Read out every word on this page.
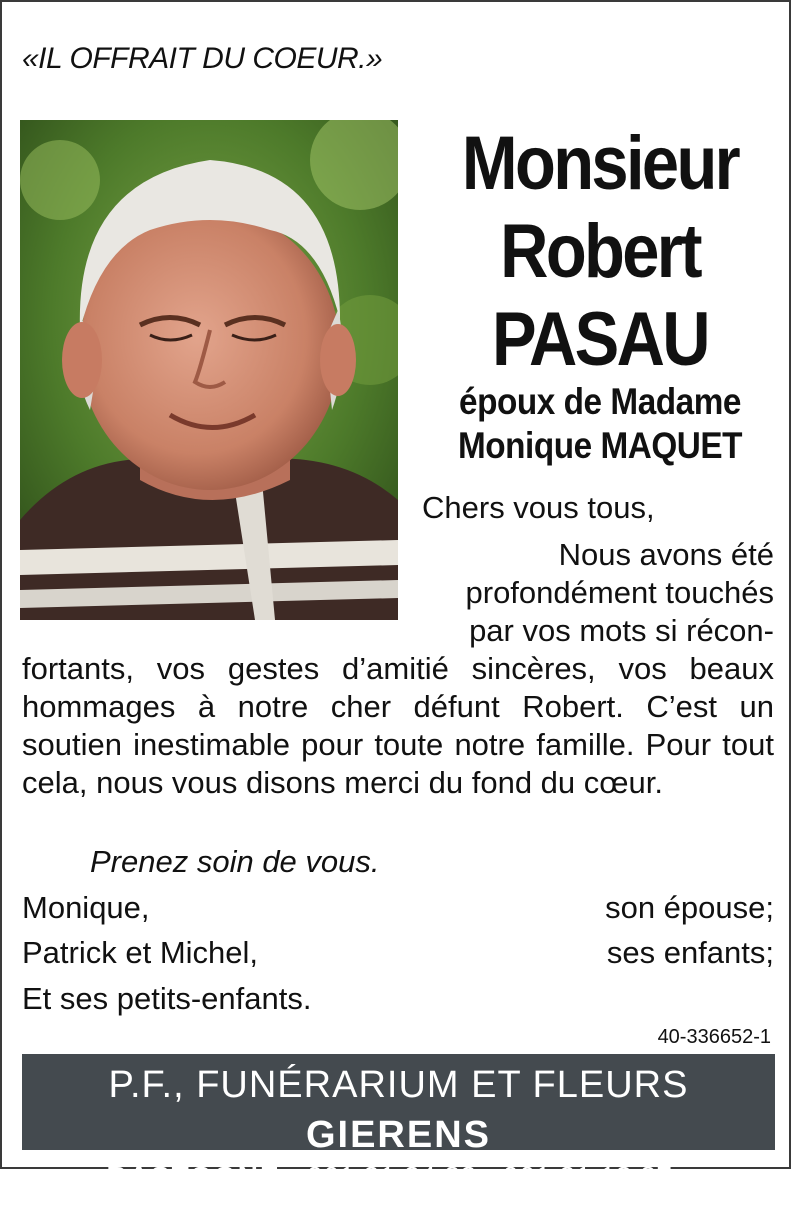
«IL OFFRAIT DU COEUR.»
Monsieur
Robert
PASAU
époux de Madame
Monique MAQUET
Chers vous tous,
Nous avons été
profondément touchés
par vos mots si récon-
fortants, vos gestes d’amitié sincères, vos beaux hommages à notre cher défunt Robert. C’est un soutien inestimable pour toute notre famille. Pour tout cela, nous vous disons merci du fond du cœur.
Prenez soin de vous.
Monique,	son épouse;
Patrick et Michel,	ses enfants;
Et ses petits-enfants.
40-336652-1
P.F., FUNÉRARIUM ET FLEURS GIERENS
BASTOGNE - 061 21 24 82 - 061 21 13 87 - WWW.GIERENS.BE
